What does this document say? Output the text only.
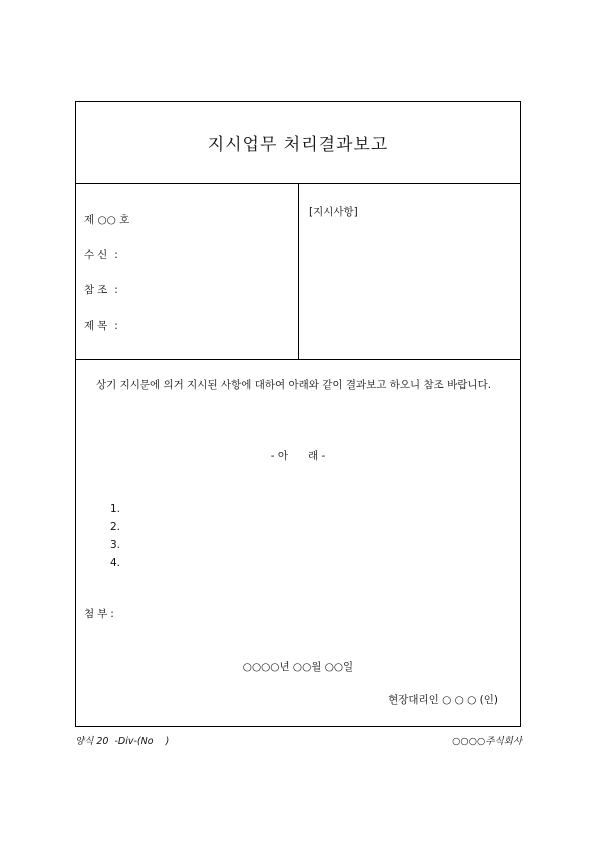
지시업무 처리결과보고
제 ○○ 호
수신 :
참조 :
제목 :
[지시사항]
상기 지시문에 의거 지시된 사항에 대하여 아래와 같이 결과보고 하오니 참조 바랍니다.
- 아      래 -
1.
2.
3.
4.
첨부:
○○○○년 ○○월 ○○일
현장대리인 ○ ○ ○ (인)
양식 20  -Div-(No    )	○○○○주식회사
